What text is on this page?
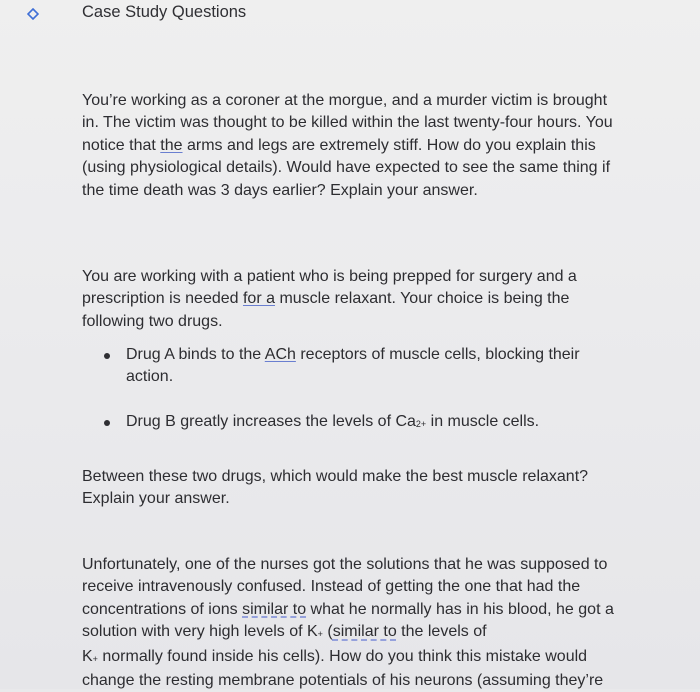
Case Study Questions
You’re working as a coroner at the morgue, and a murder victim is brought
in. The victim was thought to be killed within the last twenty-four hours. You
notice that the arms and legs are extremely stiff. How do you explain this
(using physiological details). Would have expected to see the same thing if
the time death was 3 days earlier? Explain your answer.
You are working with a patient who is being prepped for surgery and a
prescription is needed for a muscle relaxant. Your choice is being the
following two drugs.
Drug A binds to the ACh receptors of muscle cells, blocking their
action.
Drug B greatly increases the levels of Ca2+ in muscle cells.
Between these two drugs, which would make the best muscle relaxant?
Explain your answer.
Unfortunately, one of the nurses got the solutions that he was supposed to
receive intravenously confused. Instead of getting the one that had the
concentrations of ions similar to what he normally has in his blood, he got a
solution with very high levels of K+ (similar to the levels of
K+ normally found inside his cells). How do you think this mistake would
change the resting membrane potentials of his neurons (assuming they’re
